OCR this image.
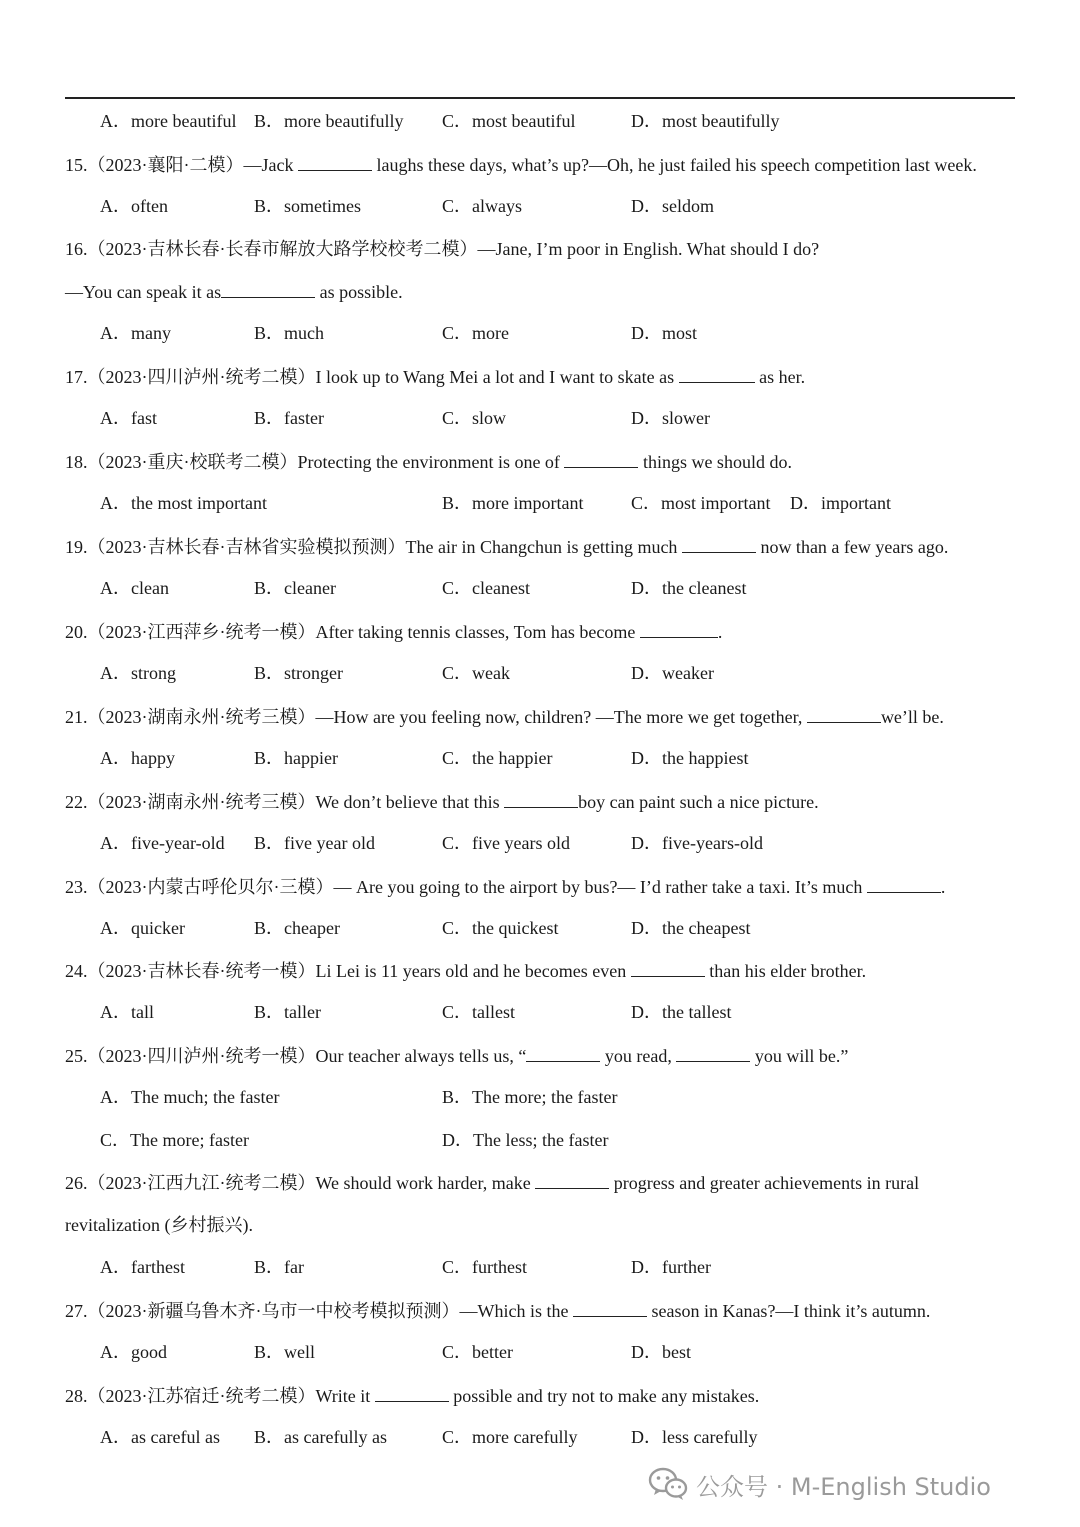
A．more beautiful B．more beautifully C．most beautiful	D．most beautifully
15.（2023·襄阳·二模）—Jack	laughs these days, what’s up?—Oh, he just failed his speech competition last week.
A．often	B．sometimes	C．always	D．seldom
16.（2023·吉林长春·长春市解放大路学校校考二模）—Jane, I’m poor in English. What should I do?
—You can speak it as	as possible.
A．many	B．much	C．more	D．most
17.（2023·四川泸州·统考二模）I look up to Wang Mei a lot and I want to skate as	as her.
A．fast	B．faster	C．slow	D．slower
18.（2023·重庆·校联考二模）Protecting the environment is one of	things we should do.
A．the most important	B．more important	C．most important D．important
19.（2023·吉林长春·吉林省实验模拟预测）The air in Changchun is getting much	now than a few years ago.
A．clean	B．cleaner	C．cleanest	D．the cleanest
20.（2023·江西萍乡·统考一模）After taking tennis classes, Tom has become	.
A．strong	B．stronger	C．weak	D．weaker
21.（2023·湖南永州·统考三模）—How are you feeling now, children? —The more we get together,	we’ll be.
A．happy	B．happier	C．the happier	D．the happiest
22.（2023·湖南永州·统考三模）We don’t believe that this	boy can paint such a nice picture.
A．five-year-old B．five year old	C．five years old	D．five-years-old
23.（2023·内蒙古呼伦贝尔·三模）— Are you going to the airport by bus?— I’d rather take a taxi. It’s much	.
A．quicker	B．cheaper	C．the quickest	D．the cheapest
24.（2023·吉林长春·统考一模）Li Lei is 11 years old and he becomes even	than his elder brother.
A．tall	B．taller	C．tallest	D．the tallest
25.（2023·四川泸州·统考一模）Our teacher always tells us, “	you read,	you will be.”
A．The much; the faster	B．The more; the faster
C．The more; faster	D．The less; the faster
26.（2023·江西九江·统考二模）We should work harder, make	progress and greater achievements in rural
revitalization (乡村振兴).
A．farthest	B．far	C．furthest	D．further
27.（2023·新疆乌鲁木齐·乌市一中校考模拟预测）—Which is the	season in Kanas?—I think it’s autumn.
A．good	B．well	C．better	D．best
28.（2023·江苏宿迁·统考二模）Write it	possible and try not to make any mistakes.
A．as careful as B．as carefully as	C．more carefully	D．less carefully
公众号 · M-English Studio
